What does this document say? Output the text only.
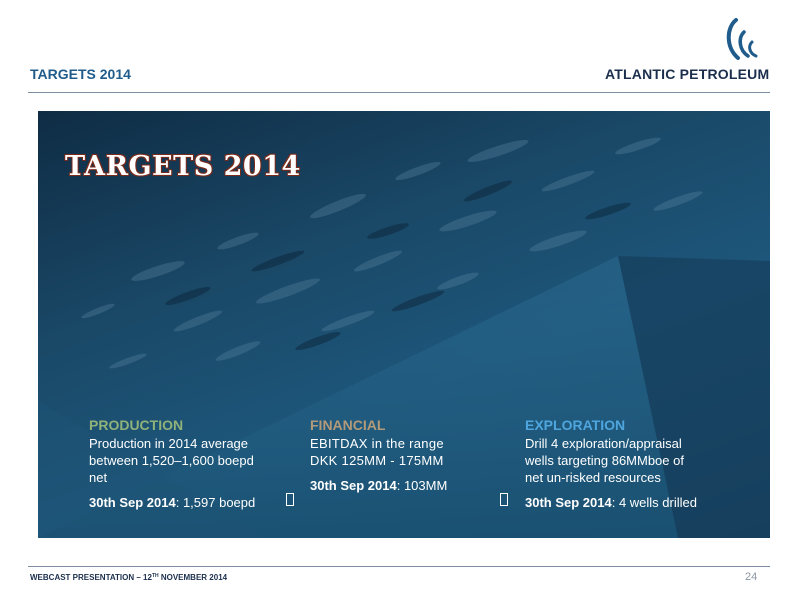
TARGETS 2014	ATLANTIC PETROLEUM
TARGETS 2014
PRODUCTION
Production in 2014 average between 1,520–1,600 boepd net
30th Sep 2014: 1,597 boepd
FINANCIAL
EBITDAX in the range DKK 125MM - 175MM
30th Sep 2014: 103MM
EXPLORATION
Drill 4 exploration/appraisal wells targeting 86MMboe of net un-risked resources
30th Sep 2014: 4 wells drilled
WEBCAST PRESENTATION – 12TH NOVEMBER 2014	24
